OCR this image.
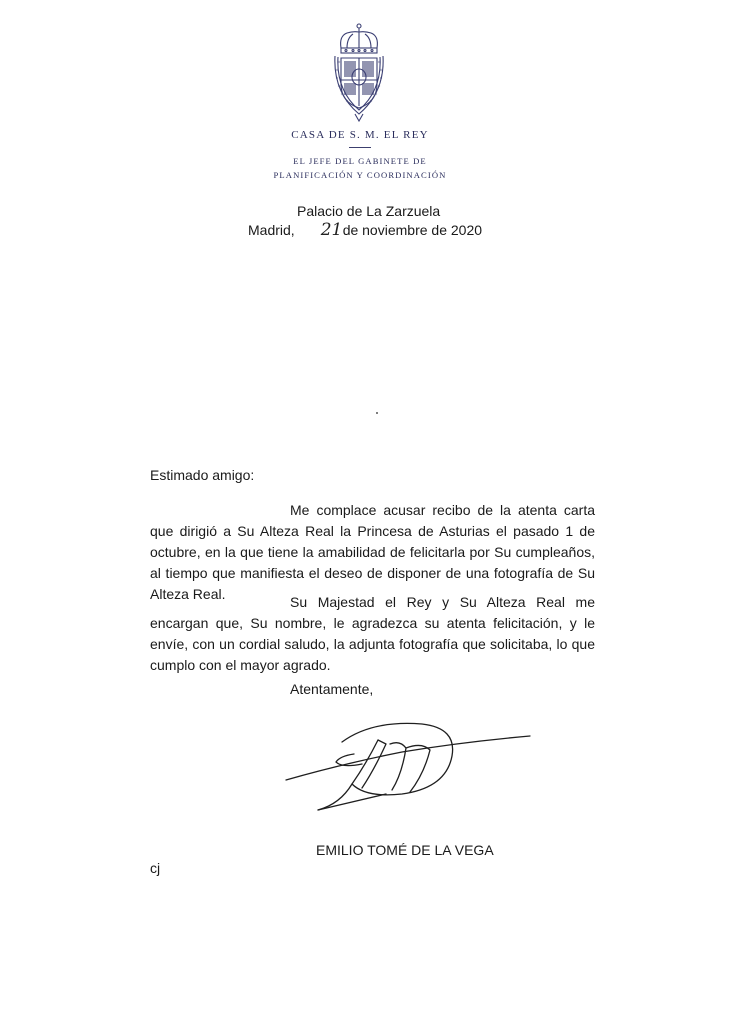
CASA DE S. M. EL REY
EL JEFE DEL GABINETE DE
PLANIFICACIÓN Y COORDINACIÓN
Palacio de La Zarzuela
Madrid, 21de noviembre de 2020
Estimado amigo:
Me complace acusar recibo de la atenta carta que dirigió a Su Alteza Real la Princesa de Asturias el pasado 1 de octubre, en la que tiene la amabilidad de felicitarla por Su cumpleaños, al tiempo que manifiesta el deseo de disponer de una fotografía de Su Alteza Real.	Su Majestad el Rey y Su Alteza Real me encargan que, Su nombre, le agradezca su atenta felicitación, y le envíe, con un cordial saludo, la adjunta fotografía que solicitaba, lo que cumplo con el mayor agrado.
Atentamente,
EMILIO TOMÉ DE LA VEGA
cj
